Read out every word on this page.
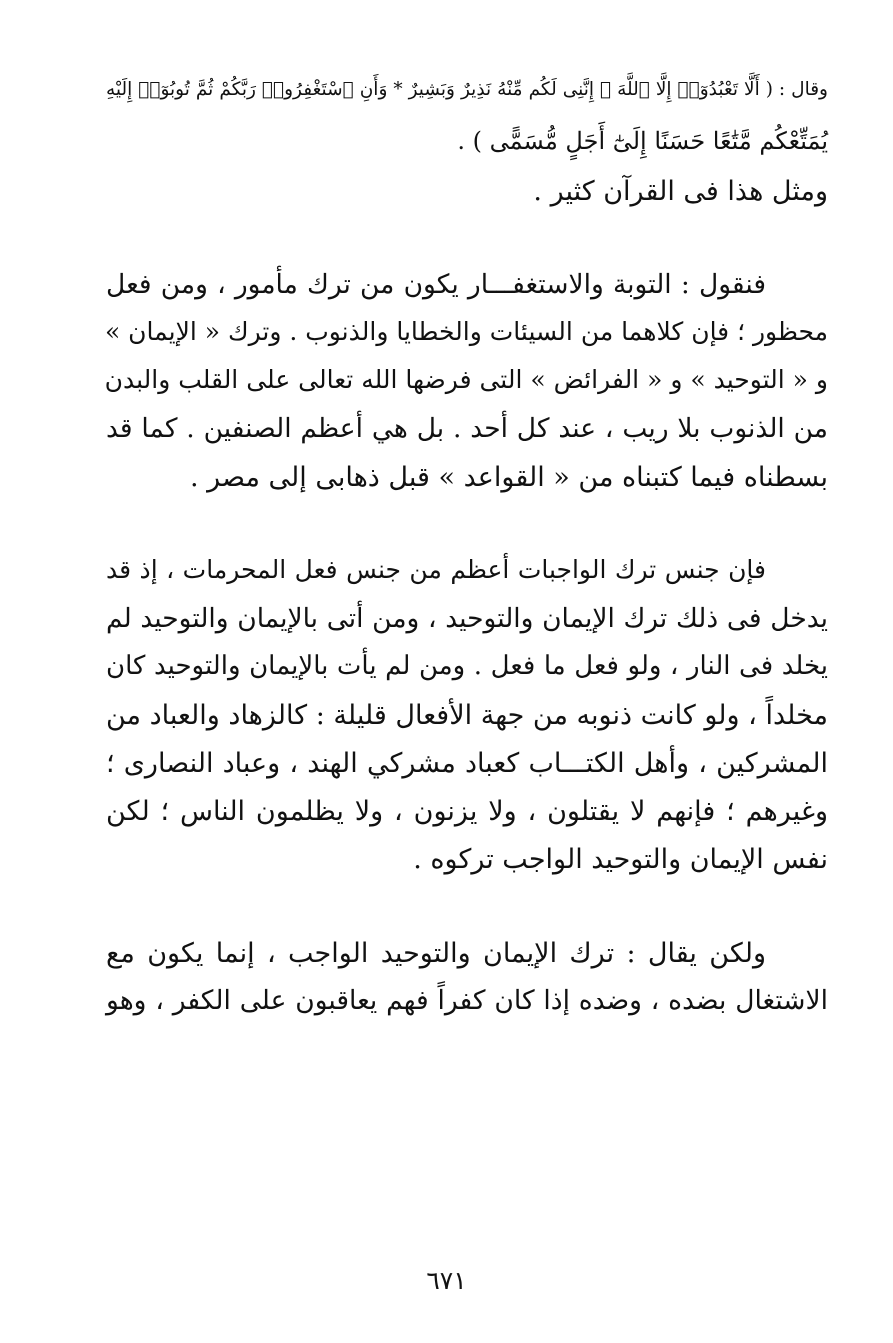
وقال : ( أَلَّا تَعْبُدُوٓا۟ إِلَّا ٱللَّهَ ۚ إِنَّنِى لَكُم مِّنْهُ نَذِيرٌ وَبَشِيرٌ * وَأَنِ ٱسْتَغْفِرُوا۟ رَبَّكُمْ ثُمَّ تُوبُوٓا۟ إِلَيْهِ
يُمَتِّعْكُم مَّتَٰعًا حَسَنًا إِلَىٰٓ أَجَلٍ مُّسَمًّى ) .
ومثل هذا فى القرآن كثير .
فنقول : التوبة والاستغفـــار يكون من ترك مأمور ، ومن فعل
محظور ؛ فإن كلاهما من السيئات والخطايا والذنوب . وترك « الإيمان »
و « التوحيد » و « الفرائض » التى فرضها الله تعالى على القلب والبدن
من الذنوب بلا ريب ، عند كل أحد . بل هي أعظم الصنفين . كما قد
بسطناه فيما كتبناه من « القواعد » قبل ذهابى إلى مصر .
فإن جنس ترك الواجبات أعظم من جنس فعل المحرمات ، إذ قد
يدخل فى ذلك ترك الإيمان والتوحيد ، ومن أتى بالإيمان والتوحيد لم
يخلد فى النار ، ولو فعل ما فعل . ومن لم يأت بالإيمان والتوحيد كان
مخلداً ، ولو كانت ذنوبه من جهة الأفعال قليلة : كالزهاد والعباد من
المشركين ، وأهل الكتـــاب كعباد مشركي الهند ، وعباد النصارى ؛
وغيرهم ؛ فإنهم لا يقتلون ، ولا يزنون ، ولا يظلمون الناس ؛ لكن
نفس الإيمان والتوحيد الواجب تركوه .
ولكن يقال : ترك الإيمان والتوحيد الواجب ، إنما يكون مع
الاشتغال بضده ، وضده إذا كان كفراً فهم يعاقبون على الكفر ، وهو
٦٧١
